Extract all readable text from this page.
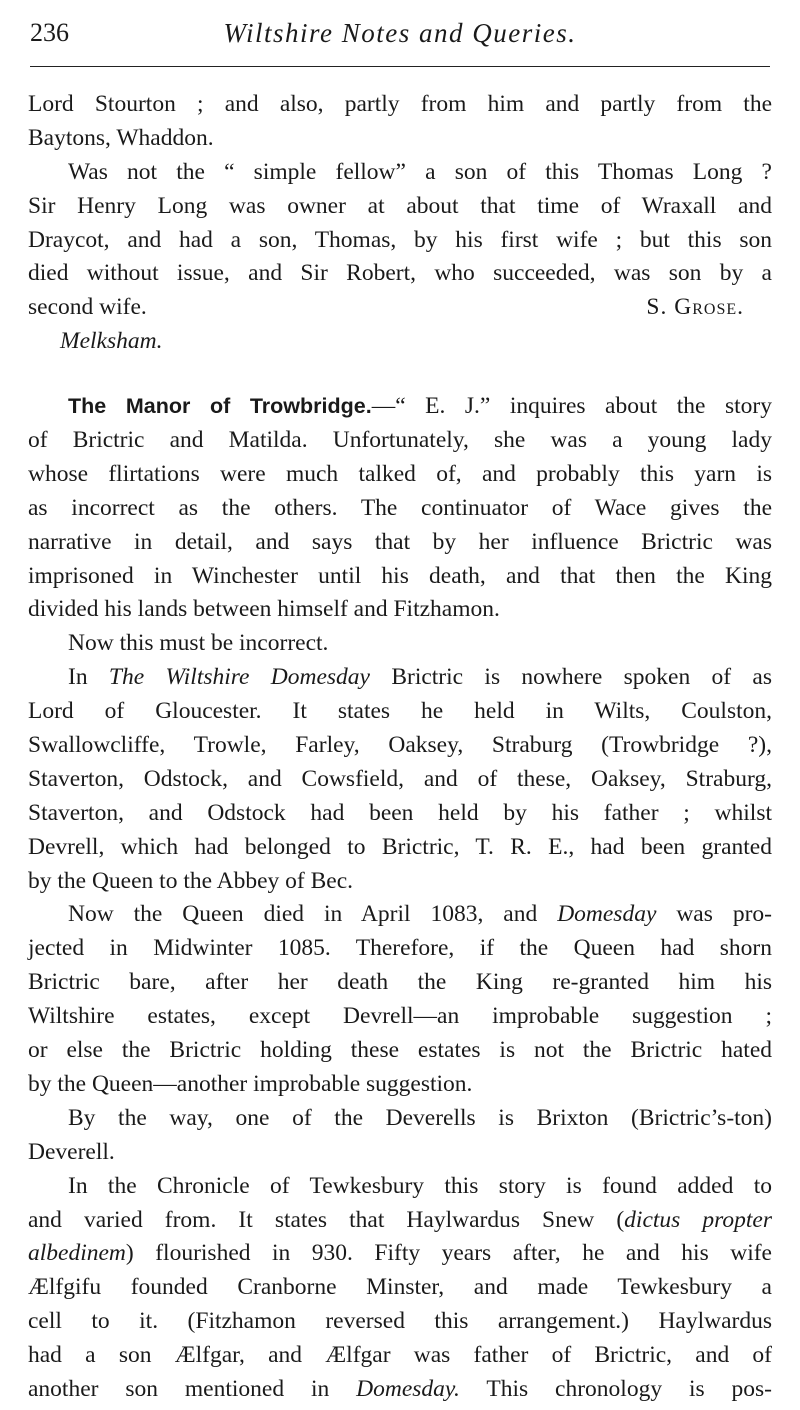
236	Wiltshire Notes and Queries.
Lord Stourton ; and also, partly from him and partly from the
Baytons, Whaddon.
Was not the “ simple fellow” a son of this Thomas Long ?
Sir Henry Long was owner at about that time of Wraxall and
Draycot, and had a son, Thomas, by his first wife ; but this son
died without issue, and Sir Robert, who succeeded, was son by a
second wife.	S. Grose.
Melksham.
The Manor of Trowbridge.—“ E. J.” inquires about the story
of Brictric and Matilda. Unfortunately, she was a young lady
whose flirtations were much talked of, and probably this yarn is
as incorrect as the others. The continuator of Wace gives the
narrative in detail, and says that by her influence Brictric was
imprisoned in Winchester until his death, and that then the King
divided his lands between himself and Fitzhamon.
Now this must be incorrect.
In The Wiltshire Domesday Brictric is nowhere spoken of as
Lord of Gloucester. It states he held in Wilts, Coulston,
Swallowcliffe, Trowle, Farley, Oaksey, Straburg (Trowbridge ?),
Staverton, Odstock, and Cowsfield, and of these, Oaksey, Straburg,
Staverton, and Odstock had been held by his father ; whilst
Devrell, which had belonged to Brictric, T. R. E., had been granted
by the Queen to the Abbey of Bec.
Now the Queen died in April 1083, and Domesday was pro-
jected in Midwinter 1085. Therefore, if the Queen had shorn
Brictric bare, after her death the King re-granted him his
Wiltshire estates, except Devrell—an improbable suggestion ;
or else the Brictric holding these estates is not the Brictric hated
by the Queen—another improbable suggestion.
By the way, one of the Deverells is Brixton (Brictric’s-ton)
Deverell.
In the Chronicle of Tewkesbury this story is found added to
and varied from. It states that Haylwardus Snew (dictus propter
albedinem) flourished in 930. Fifty years after, he and his wife
Ælfgifu founded Cranborne Minster, and made Tewkesbury a
cell to it. (Fitzhamon reversed this arrangement.) Haylwardus
had a son Ælfgar, and Ælfgar was father of Brictric, and of
another son mentioned in Domesday. This chronology is pos-
